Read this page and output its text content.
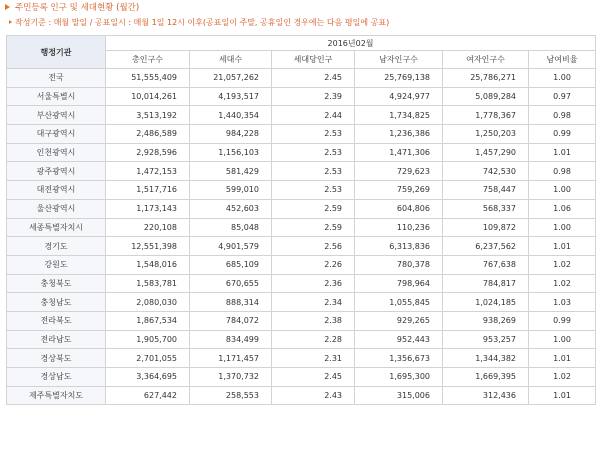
주민등록 인구 및 세대현황 (월간)
작성기준 : 매월 말일 / 공표일시 : 매월 1일 12시 이후(공표일이 주말, 공휴일인 경우에는 다음 평일에 공표)
행정기관	2016년02월					
	총인구수	세대수	세대당인구	남자인구수	여자인구수	남여비율
전국	51,555,409	21,057,262	2.45	25,769,138	25,786,271	1.00
서울특별시	10,014,261	4,193,517	2.39	4,924,977	5,089,284	0.97
부산광역시	3,513,192	1,440,354	2.44	1,734,825	1,778,367	0.98
대구광역시	2,486,589	984,228	2.53	1,236,386	1,250,203	0.99
인천광역시	2,928,596	1,156,103	2.53	1,471,306	1,457,290	1.01
광주광역시	1,472,153	581,429	2.53	729,623	742,530	0.98
대전광역시	1,517,716	599,010	2.53	759,269	758,447	1.00
울산광역시	1,173,143	452,603	2.59	604,806	568,337	1.06
세종특별자치시	220,108	85,048	2.59	110,236	109,872	1.00
경기도	12,551,398	4,901,579	2.56	6,313,836	6,237,562	1.01
강원도	1,548,016	685,109	2.26	780,378	767,638	1.02
충청북도	1,583,781	670,655	2.36	798,964	784,817	1.02
충청남도	2,080,030	888,314	2.34	1,055,845	1,024,185	1.03
전라북도	1,867,534	784,072	2.38	929,265	938,269	0.99
전라남도	1,905,700	834,499	2.28	952,443	953,257	1.00
경상북도	2,701,055	1,171,457	2.31	1,356,673	1,344,382	1.01
경상남도	3,364,695	1,370,732	2.45	1,695,300	1,669,395	1.02
제주특별자치도	627,442	258,553	2.43	315,006	312,436	1.01
